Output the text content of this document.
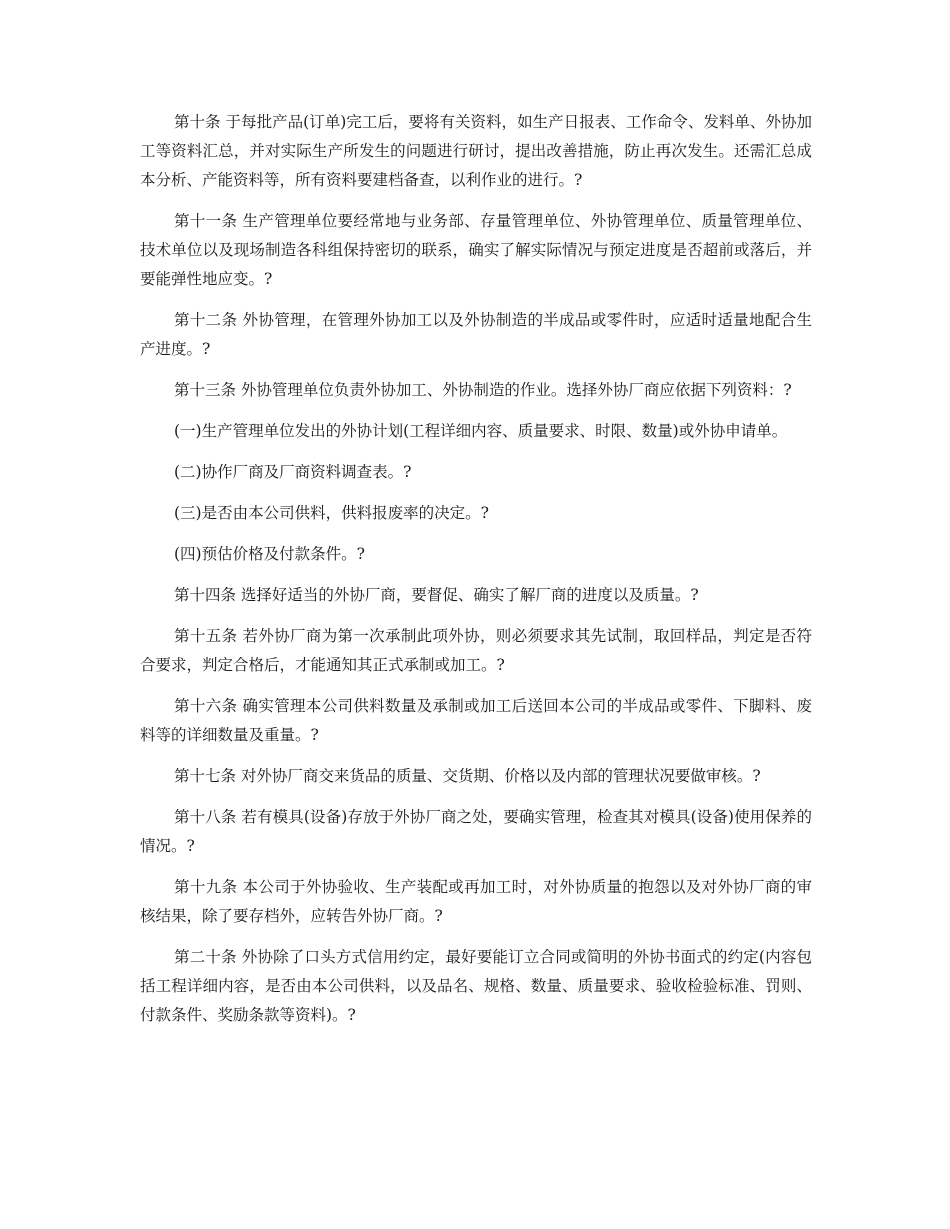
第十条 于每批产品(订单)完工后，要将有关资料，如生产日报表、工作命令、发料单、外协加工等资料汇总，并对实际生产所发生的问题进行研讨，提出改善措施，防止再次发生。还需汇总成本分析、产能资料等，所有资料要建档备查，以利作业的进行。?

第十一条 生产管理单位要经常地与业务部、存量管理单位、外协管理单位、质量管理单位、技术单位以及现场制造各科组保持密切的联系，确实了解实际情况与预定进度是否超前或落后，并要能弹性地应变。?

第十二条 外协管理，在管理外协加工以及外协制造的半成品或零件时，应适时适量地配合生产进度。?

第十三条 外协管理单位负责外协加工、外协制造的作业。选择外协厂商应依据下列资料：?

(一)生产管理单位发出的外协计划(工程详细内容、质量要求、时限、数量)或外协申请单。

(二)协作厂商及厂商资料调查表。?

(三)是否由本公司供料，供料报废率的决定。?

(四)预估价格及付款条件。?

第十四条 选择好适当的外协厂商，要督促、确实了解厂商的进度以及质量。?

第十五条 若外协厂商为第一次承制此项外协，则必须要求其先试制，取回样品，判定是否符合要求，判定合格后，才能通知其正式承制或加工。?

第十六条 确实管理本公司供料数量及承制或加工后送回本公司的半成品或零件、下脚料、废料等的详细数量及重量。?

第十七条 对外协厂商交来货品的质量、交货期、价格以及内部的管理状况要做审核。?

第十八条 若有模具(设备)存放于外协厂商之处，要确实管理，检查其对模具(设备)使用保养的情况。?

第十九条 本公司于外协验收、生产装配或再加工时，对外协质量的抱怨以及对外协厂商的审核结果，除了要存档外，应转告外协厂商。?

第二十条 外协除了口头方式信用约定，最好要能订立合同或简明的外协书面式的约定(内容包括工程详细内容，是否由本公司供料，以及品名、规格、数量、质量要求、验收检验标准、罚则、付款条件、奖励条款等资料)。?
